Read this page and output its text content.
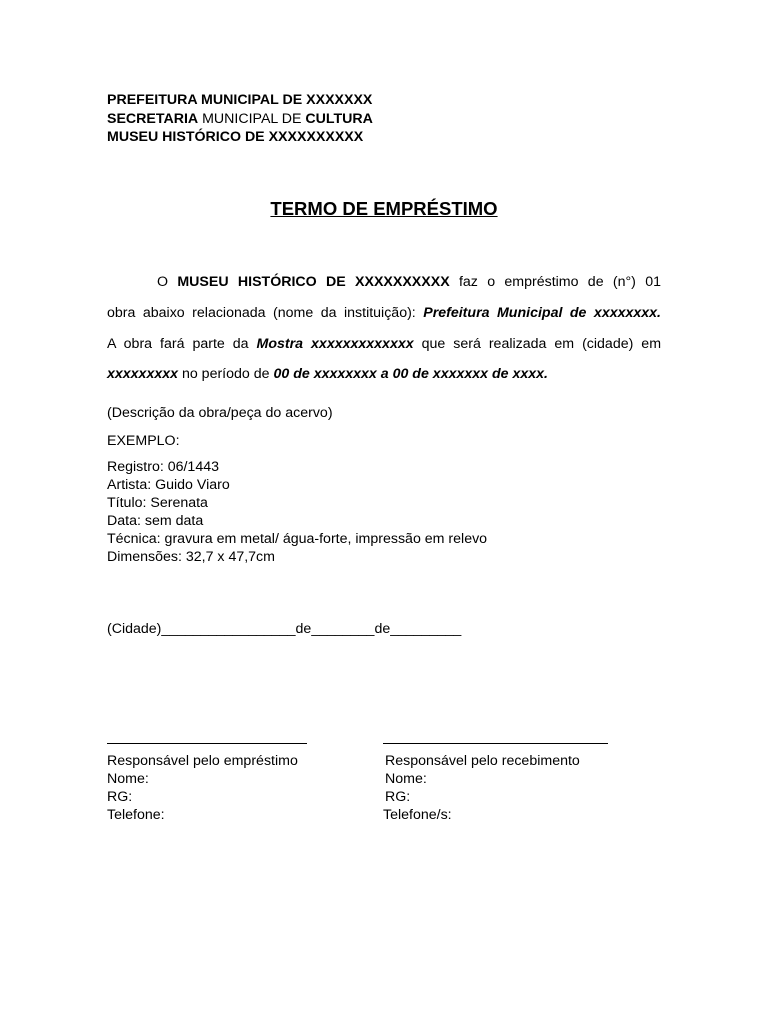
PREFEITURA MUNICIPAL DE XXXXXXX
SECRETARIA MUNICIPAL DE CULTURA
MUSEU HISTÓRICO DE XXXXXXXXXX
TERMO DE EMPRÉSTIMO
O MUSEU HISTÓRICO DE XXXXXXXXXX faz o empréstimo de (n°) 01
obra abaixo relacionada (nome da instituição): Prefeitura Municipal de xxxxxxxx.
A obra fará parte da Mostra xxxxxxxxxxxxx que será realizada em (cidade) em
xxxxxxxxx no período de 00 de xxxxxxxx a 00 de xxxxxxx de xxxx.
(Descrição da obra/peça do acervo)
EXEMPLO:
Registro: 06/1443
Artista: Guido Viaro
Título: Serenata
Data: sem data
Técnica: gravura em metal/ água-forte, impressão em relevo
Dimensões: 32,7 x 47,7cm
(Cidade)_________________de________de_________
Responsável pelo empréstimo
Nome:
RG:
Telefone:
Responsável pelo recebimento
Nome:
RG:
Telefone/s:
